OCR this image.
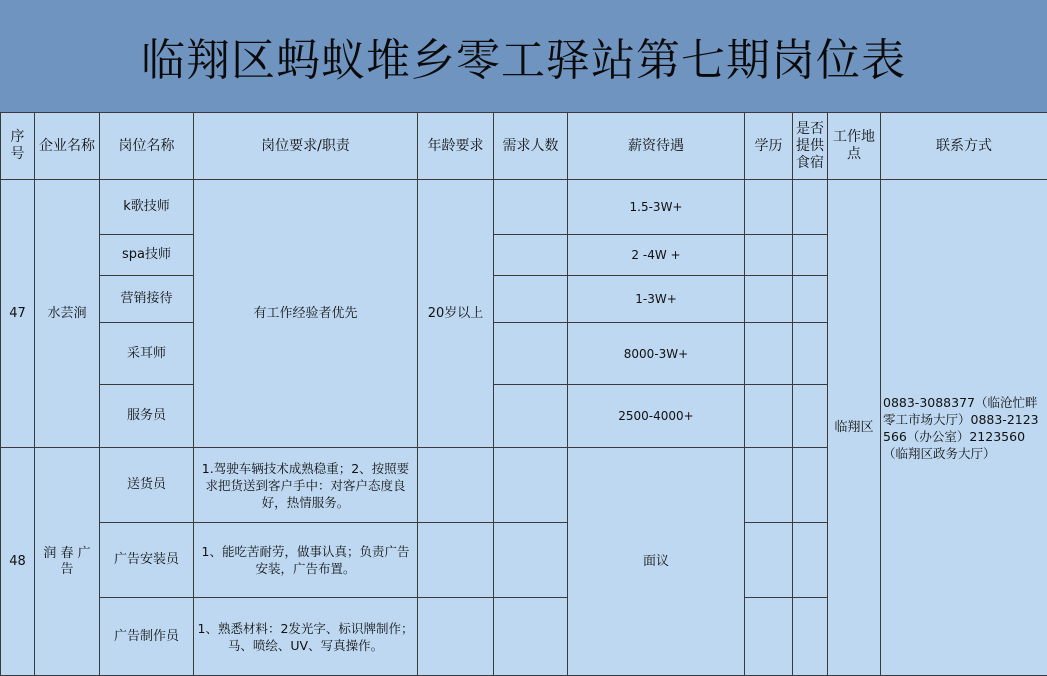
临翔区蚂蚁堆乡零工驿站第七期岗位表
序号	企业名称	岗位名称	岗位要求/职责	年龄要求	需求人数	薪资待遇	学历	是否提供食宿	工作地点	联系方式
47	水芸涧	k歌技师	有工作经验者优先	20岁以上		1.5-3W+			临翔区	0883-3088377（临沧忙畔零工市场大厅）0883-2123566（办公室）2123560（临翔区政务大厅）
		spa技师				2 -4W +				
		营销接待				1-3W+				
		采耳师				8000-3W+				
		服务员				2500-4000+				
48	润 春 广告	送货员	1.驾驶车辆技术成熟稳重；2、按照要求把货送到客户手中：对客户态度良好，热情服务。			面议				
		广告安装员	1、能吃苦耐劳，做事认真；负责广告安装，广告布置。							
		广告制作员	1、熟悉材料：2发光字、标识牌制作；马、喷绘、UV、写真操作。							
